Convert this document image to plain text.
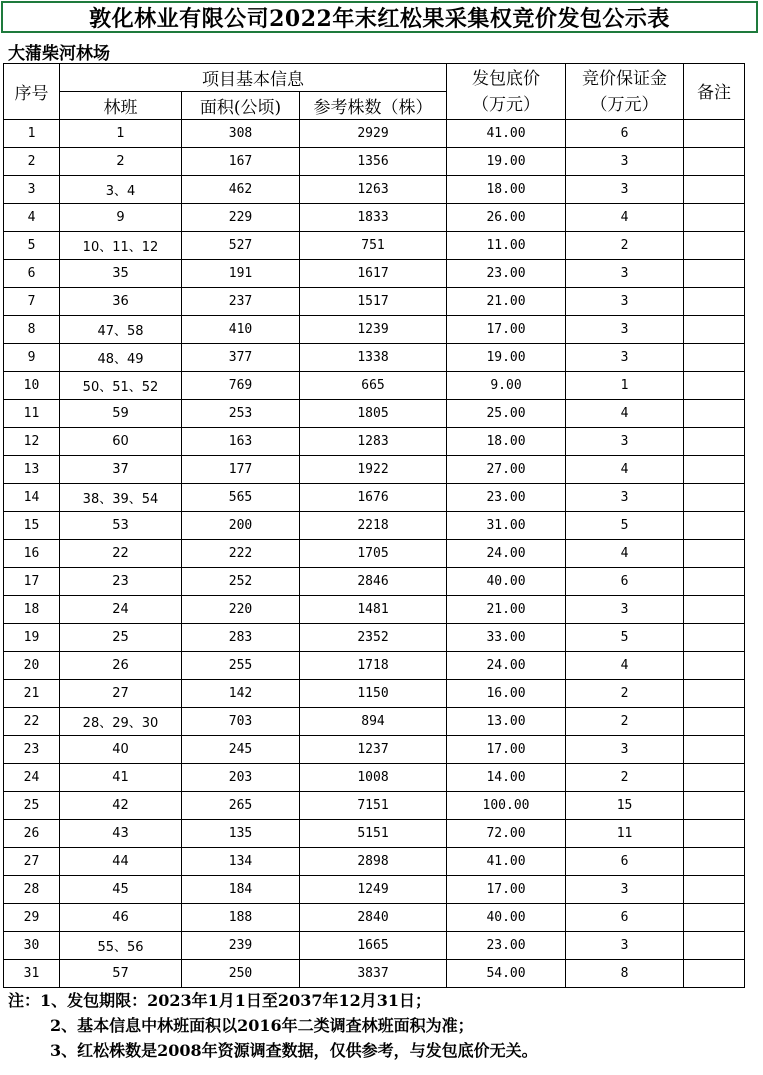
敦化林业有限公司2022年末红松果采集权竞价发包公示表
大蒲柴河林场
序号	项目基本信息			发包底价（万元）	竞价保证金（万元）	备注
	林班	面积(公顷)	参考株数（株）			
1	1	308	2929	41.00	6	
2	2	167	1356	19.00	3	
3	3、4	462	1263	18.00	3	
4	9	229	1833	26.00	4	
5	10、11、12	527	751	11.00	2	
6	35	191	1617	23.00	3	
7	36	237	1517	21.00	3	
8	47、58	410	1239	17.00	3	
9	48、49	377	1338	19.00	3	
10	50、51、52	769	665	9.00	1	
11	59	253	1805	25.00	4	
12	60	163	1283	18.00	3	
13	37	177	1922	27.00	4	
14	38、39、54	565	1676	23.00	3	
15	53	200	2218	31.00	5	
16	22	222	1705	24.00	4	
17	23	252	2846	40.00	6	
18	24	220	1481	21.00	3	
19	25	283	2352	33.00	5	
20	26	255	1718	24.00	4	
21	27	142	1150	16.00	2	
22	28、29、30	703	894	13.00	2	
23	40	245	1237	17.00	3	
24	41	203	1008	14.00	2	
25	42	265	7151	100.00	15	
26	43	135	5151	72.00	11	
27	44	134	2898	41.00	6	
28	45	184	1249	17.00	3	
29	46	188	2840	40.00	6	
30	55、56	239	1665	23.00	3	
31	57	250	3837	54.00	8	
注：1、发包期限：2023年1月1日至2037年12月31日；
2、基本信息中林班面积以2016年二类调查林班面积为准；
3、红松株数是2008年资源调查数据，仅供参考，与发包底价无关。
